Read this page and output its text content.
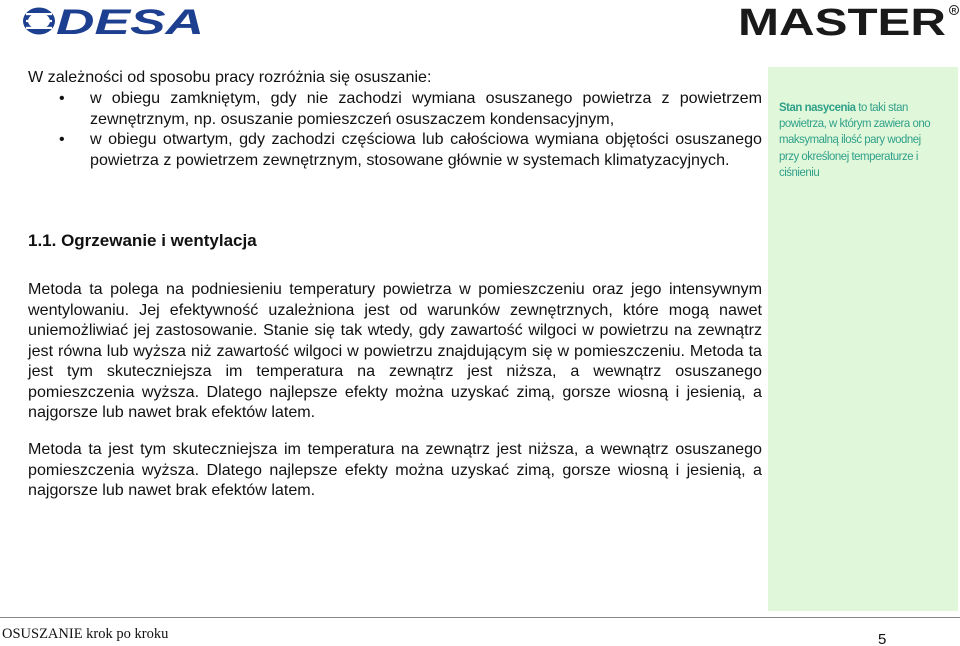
DESA	MASTER R
Stan nasycenia to taki stan powietrza, w którym zawiera ono maksymalną ilość pary wodnej przy określonej temperaturze i ciśnieniu
W zależności od sposobu pracy rozróżnia się osuszanie:
• w obiegu zamkniętym, gdy nie zachodzi wymiana osuszanego powietrza z powietrzem zewnętrznym, np. osuszanie pomieszczeń osuszaczem kondensacyjnym,
• w obiegu otwartym, gdy zachodzi częściowa lub całościowa wymiana objętości osuszanego powietrza z powietrzem zewnętrznym, stosowane głównie w systemach klimatyzacyjnych.
1.1. Ogrzewanie i wentylacja
Metoda ta polega na podniesieniu temperatury powietrza w pomieszczeniu oraz jego intensywnym wentylowaniu. Jej efektywność uzależniona jest od warunków zewnętrznych, które mogą nawet uniemożliwiać jej zastosowanie. Stanie się tak wtedy, gdy zawartość wilgoci w powietrzu na zewnątrz jest równa lub wyższa niż zawartość wilgoci w powietrzu znajdującym się w pomieszczeniu. Metoda ta jest tym skuteczniejsza im temperatura na zewnątrz jest niższa, a wewnątrz osuszanego pomieszczenia wyższa. Dlatego najlepsze efekty można uzyskać zimą, gorsze wiosną i jesienią, a najgorsze lub nawet brak efektów latem.
Metoda ta jest tym skuteczniejsza im temperatura na zewnątrz jest niższa, a wewnątrz osuszanego pomieszczenia wyższa. Dlatego najlepsze efekty można uzyskać zimą, gorsze wiosną i jesienią, a najgorsze lub nawet brak efektów latem.
OSUSZANIE krok po kroku	5
